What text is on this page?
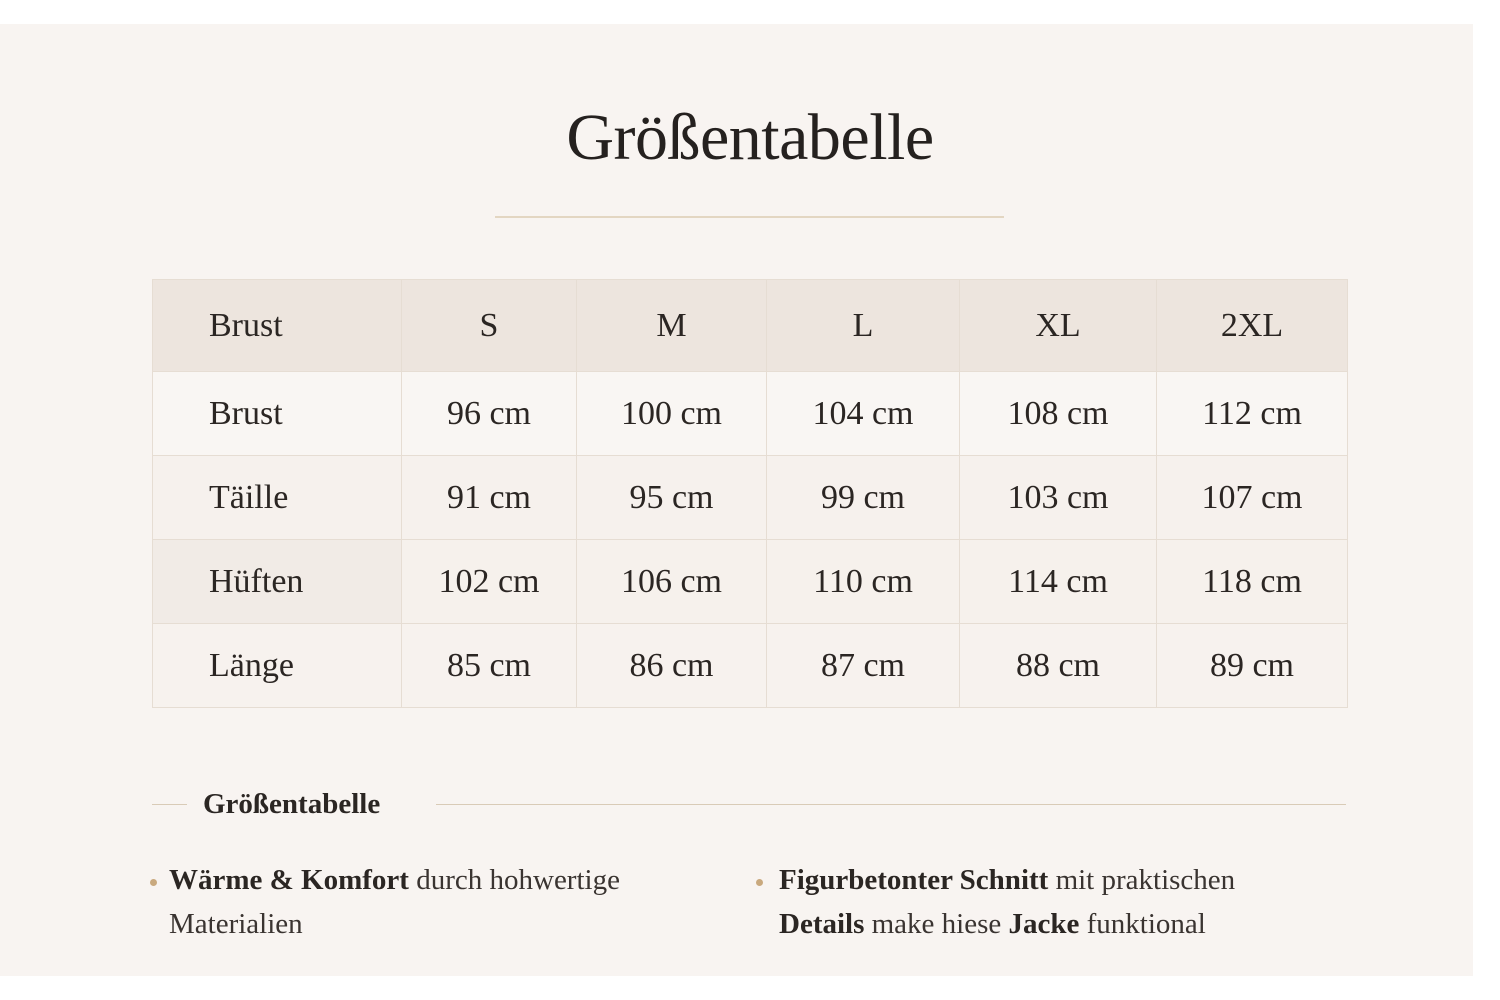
Größentabelle
Brust	S	M	L	XL	2XL
Brust	96 cm	100 cm	104 cm	108 cm	112 cm
Täille	91 cm	95 cm	99 cm	103 cm	107 cm
Hüften	102 cm	106 cm	110 cm	114 cm	118 cm
Länge	85 cm	86 cm	87 cm	88 cm	89 cm
Größentabelle
Wärme & Komfort durch hohwertige
Materialien
Figurbetonter Schnitt mit praktischen
Details make hiese Jacke funktional
